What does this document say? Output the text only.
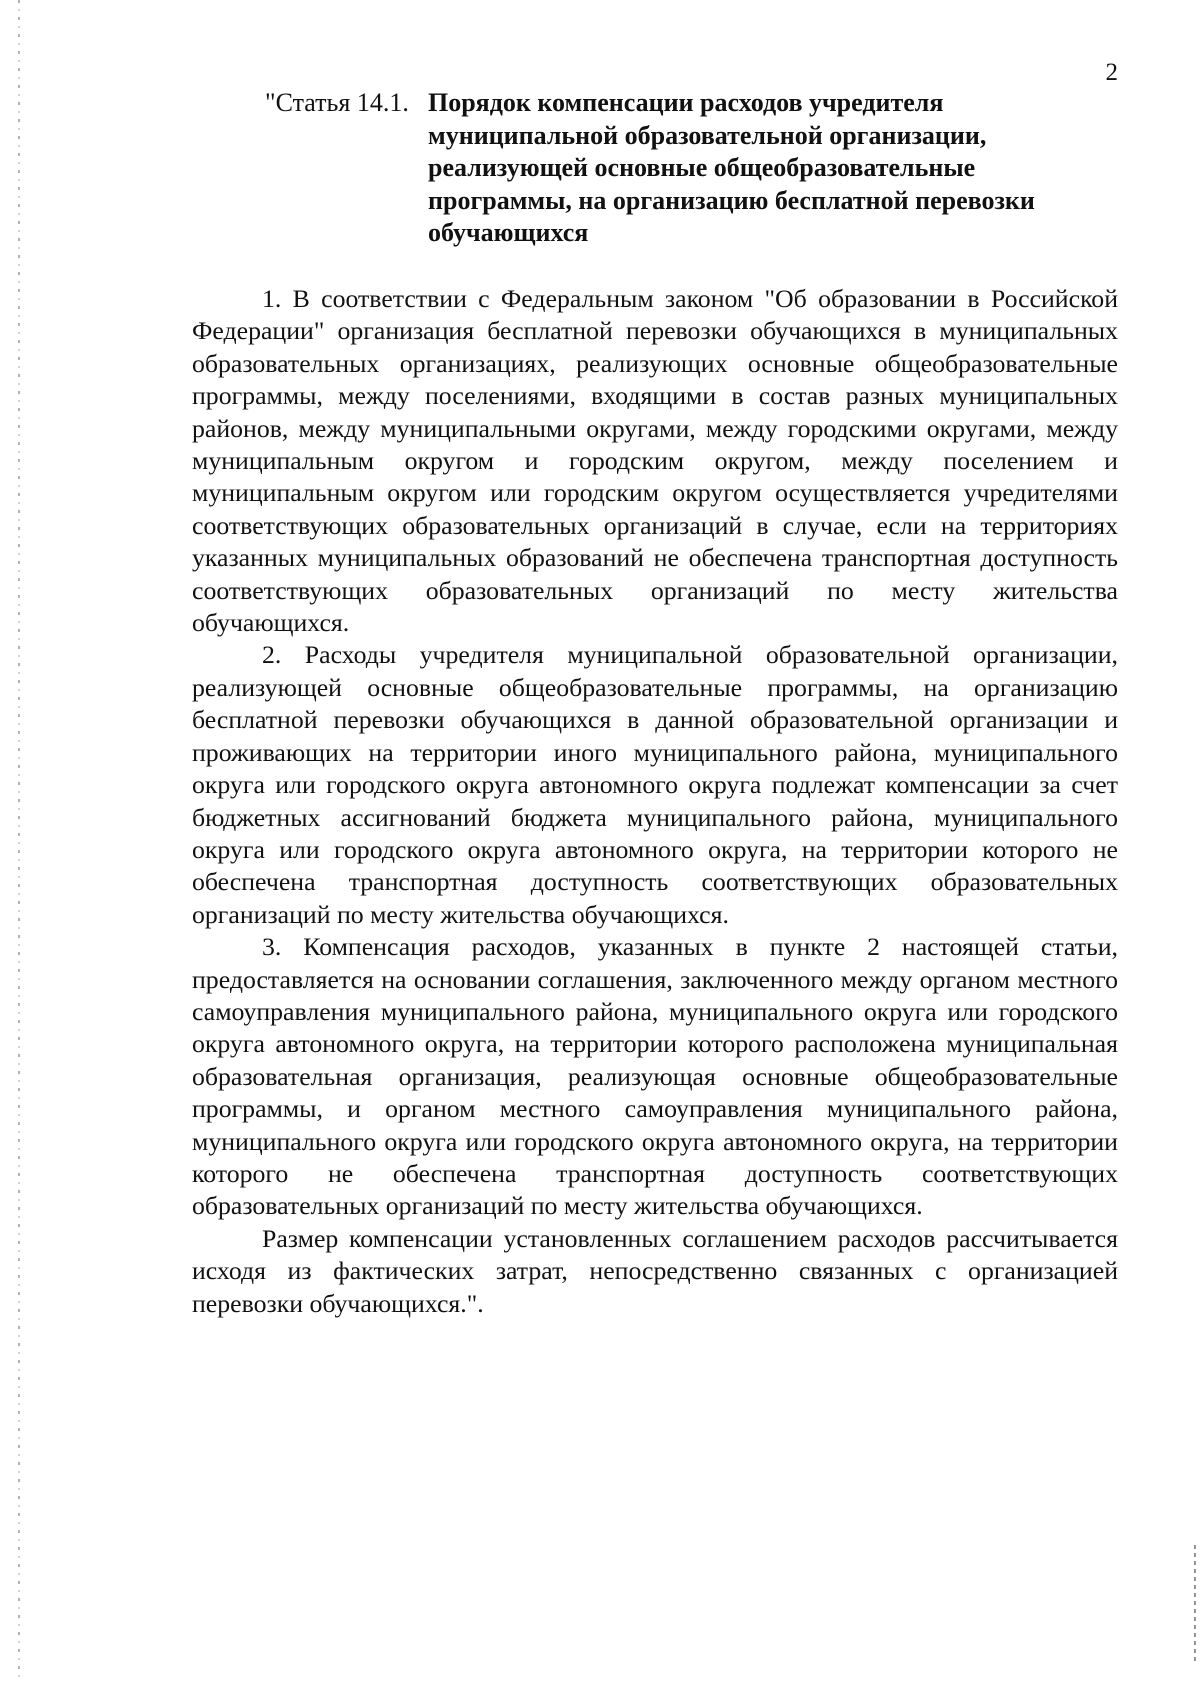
2
"Статья 14.1. Порядок компенсации расходов учредителя муниципальной образовательной организации, реализующей основные общеобразовательные программы, на организацию бесплатной перевозки обучающихся

1. В соответствии с Федеральным законом "Об образовании в Российской Федерации" организация бесплатной перевозки обучающихся в муниципальных образовательных организациях, реализующих основные общеобразовательные программы, между поселениями, входящими в состав разных муниципальных районов, между муниципальными округами, между городскими округами, между муниципальным округом и городским округом, между поселением и муниципальным округом или городским округом осуществляется учредителями соответствующих образовательных организаций в случае, если на территориях указанных муниципальных образований не обеспечена транспортная доступность соответствующих образовательных организаций по месту жительства обучающихся.

2. Расходы учредителя муниципальной образовательной организации, реализующей основные общеобразовательные программы, на организацию бесплатной перевозки обучающихся в данной образовательной организации и проживающих на территории иного муниципального района, муниципального округа или городского округа автономного округа подлежат компенсации за счет бюджетных ассигнований бюджета муниципального района, муниципального округа или городского округа автономного округа, на территории которого не обеспечена транспортная доступность соответствующих образовательных организаций по месту жительства обучающихся.

3. Компенсация расходов, указанных в пункте 2 настоящей статьи, предоставляется на основании соглашения, заключенного между органом местного самоуправления муниципального района, муниципального округа или городского округа автономного округа, на территории которого расположена муниципальная образовательная организация, реализующая основные общеобразовательные программы, и органом местного самоуправления муниципального района, муниципального округа или городского округа автономного округа, на территории которого не обеспечена транспортная доступность соответствующих образовательных организаций по месту жительства обучающихся.

Размер компенсации установленных соглашением расходов рассчитывается исходя из фактических затрат, непосредственно связанных с организацией перевозки обучающихся.".
